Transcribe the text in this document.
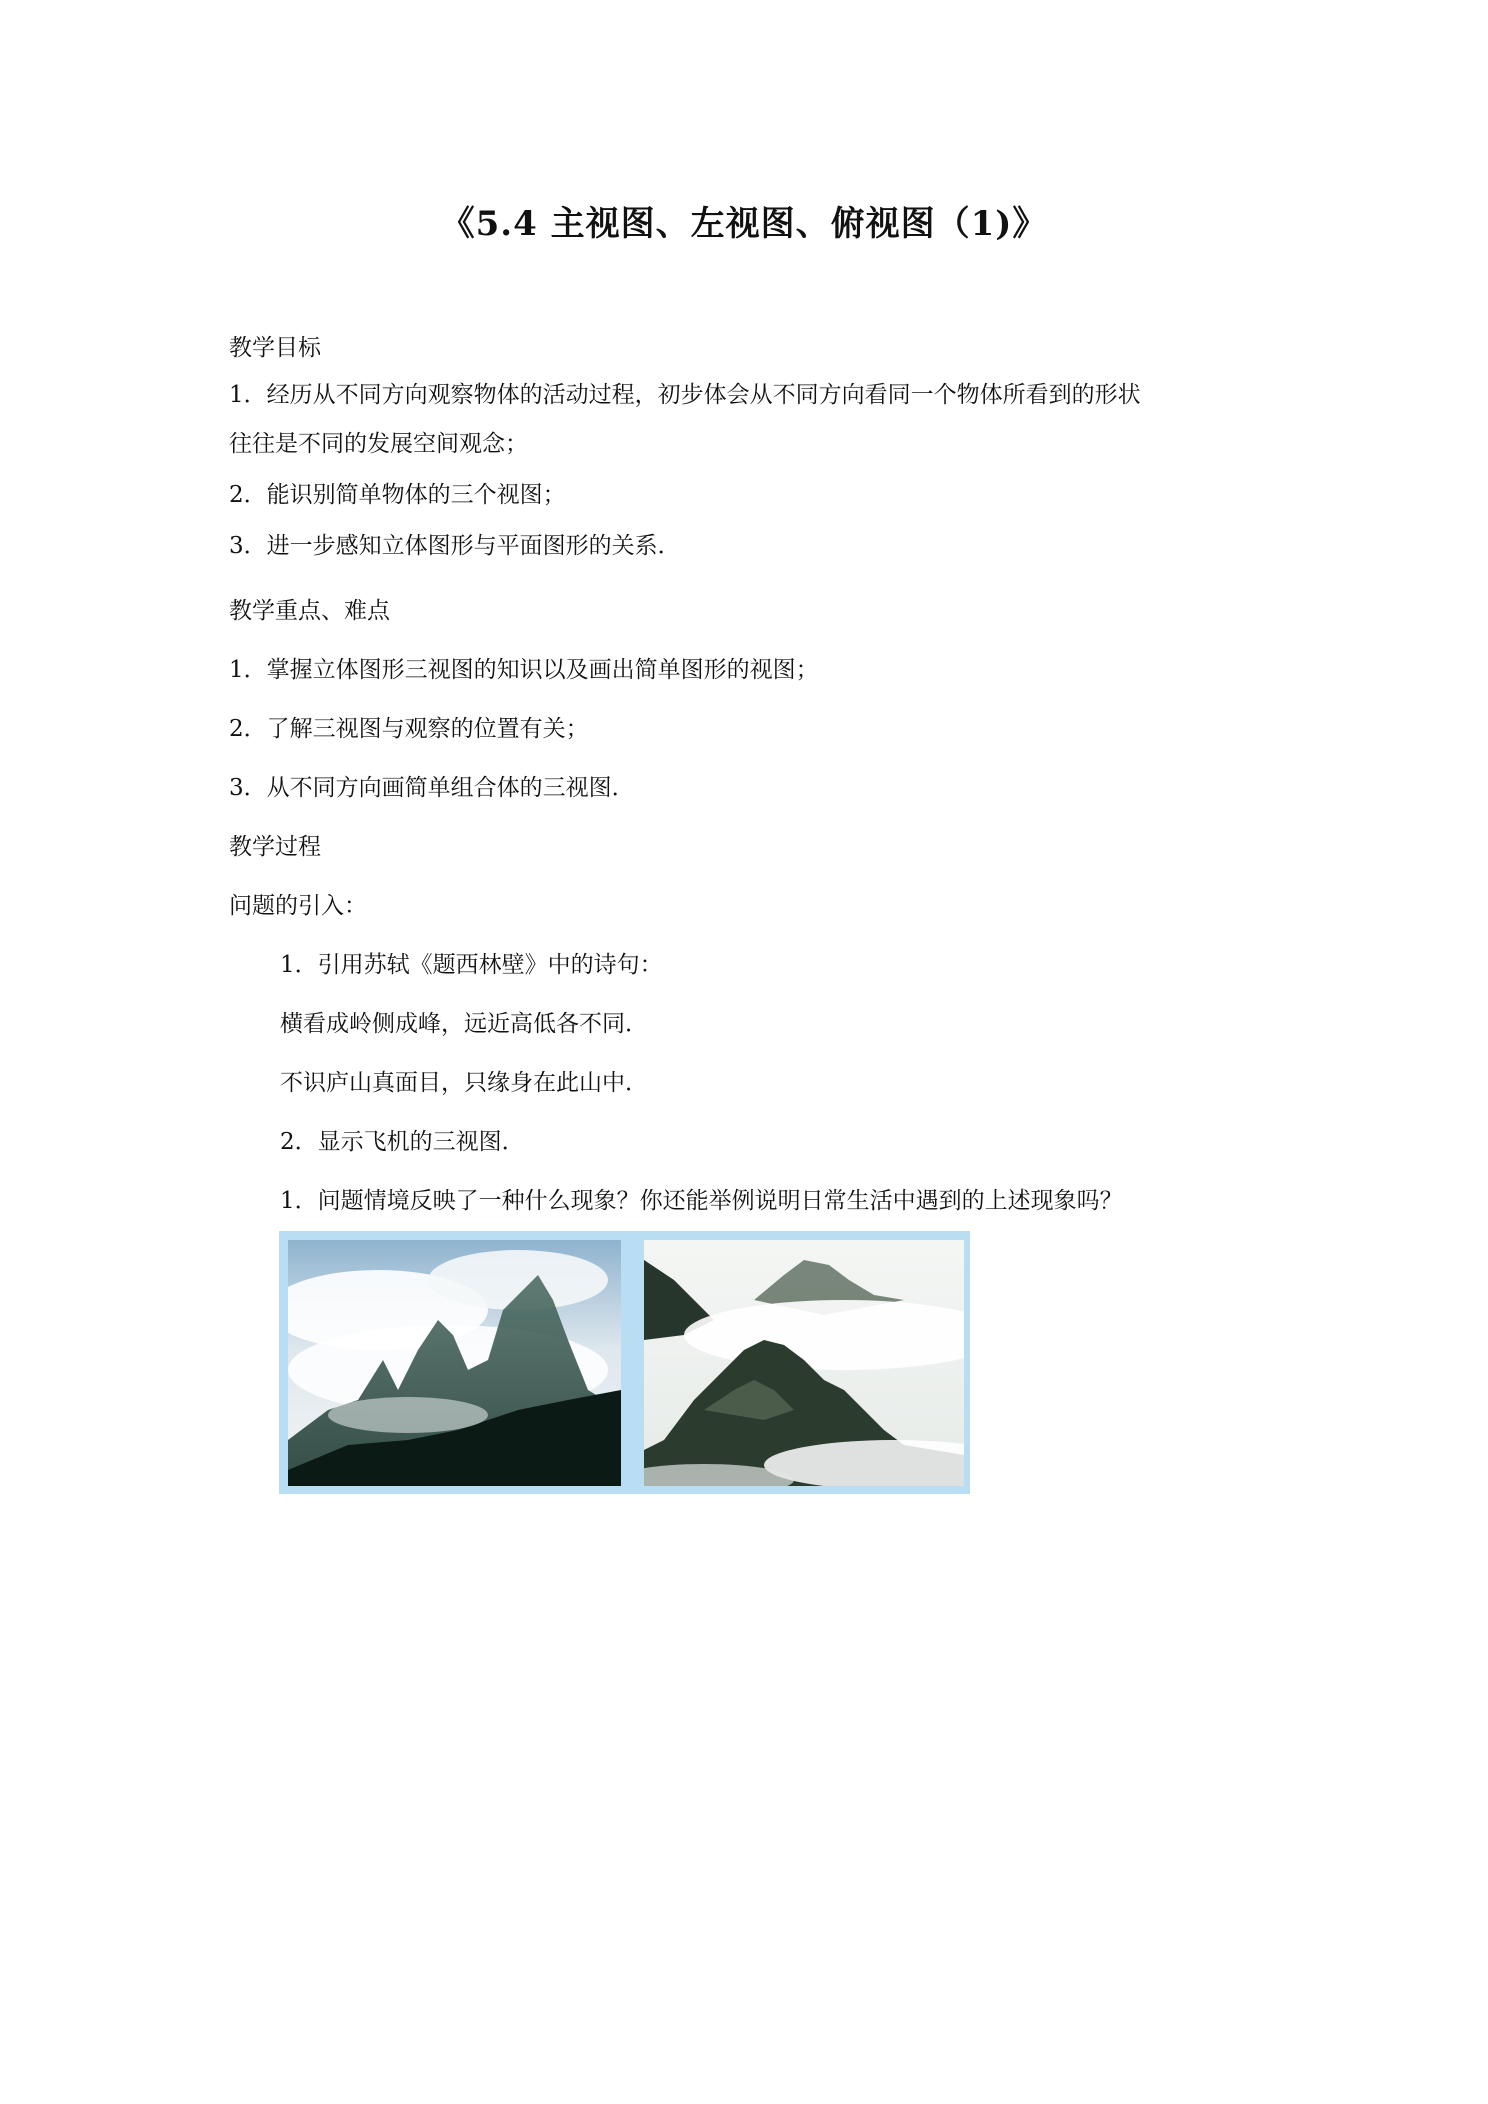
《5.4 主视图、左视图、俯视图（1)》

教学目标

1．经历从不同方向观察物体的活动过程，初步体会从不同方向看同一个物体所看到的形状

往往是不同的发展空间观念；

2．能识别简单物体的三个视图；

3．进一步感知立体图形与平面图形的关系．

教学重点、难点

1．掌握立体图形三视图的知识以及画出简单图形的视图；

2．了解三视图与观察的位置有关；

3．从不同方向画简单组合体的三视图．

教学过程

问题的引入：

1．引用苏轼《题西林壁》中的诗句：

横看成岭侧成峰，远近高低各不同．

不识庐山真面目，只缘身在此山中．

2．显示飞机的三视图．

1．问题情境反映了一种什么现象？你还能举例说明日常生活中遇到的上述现象吗？
